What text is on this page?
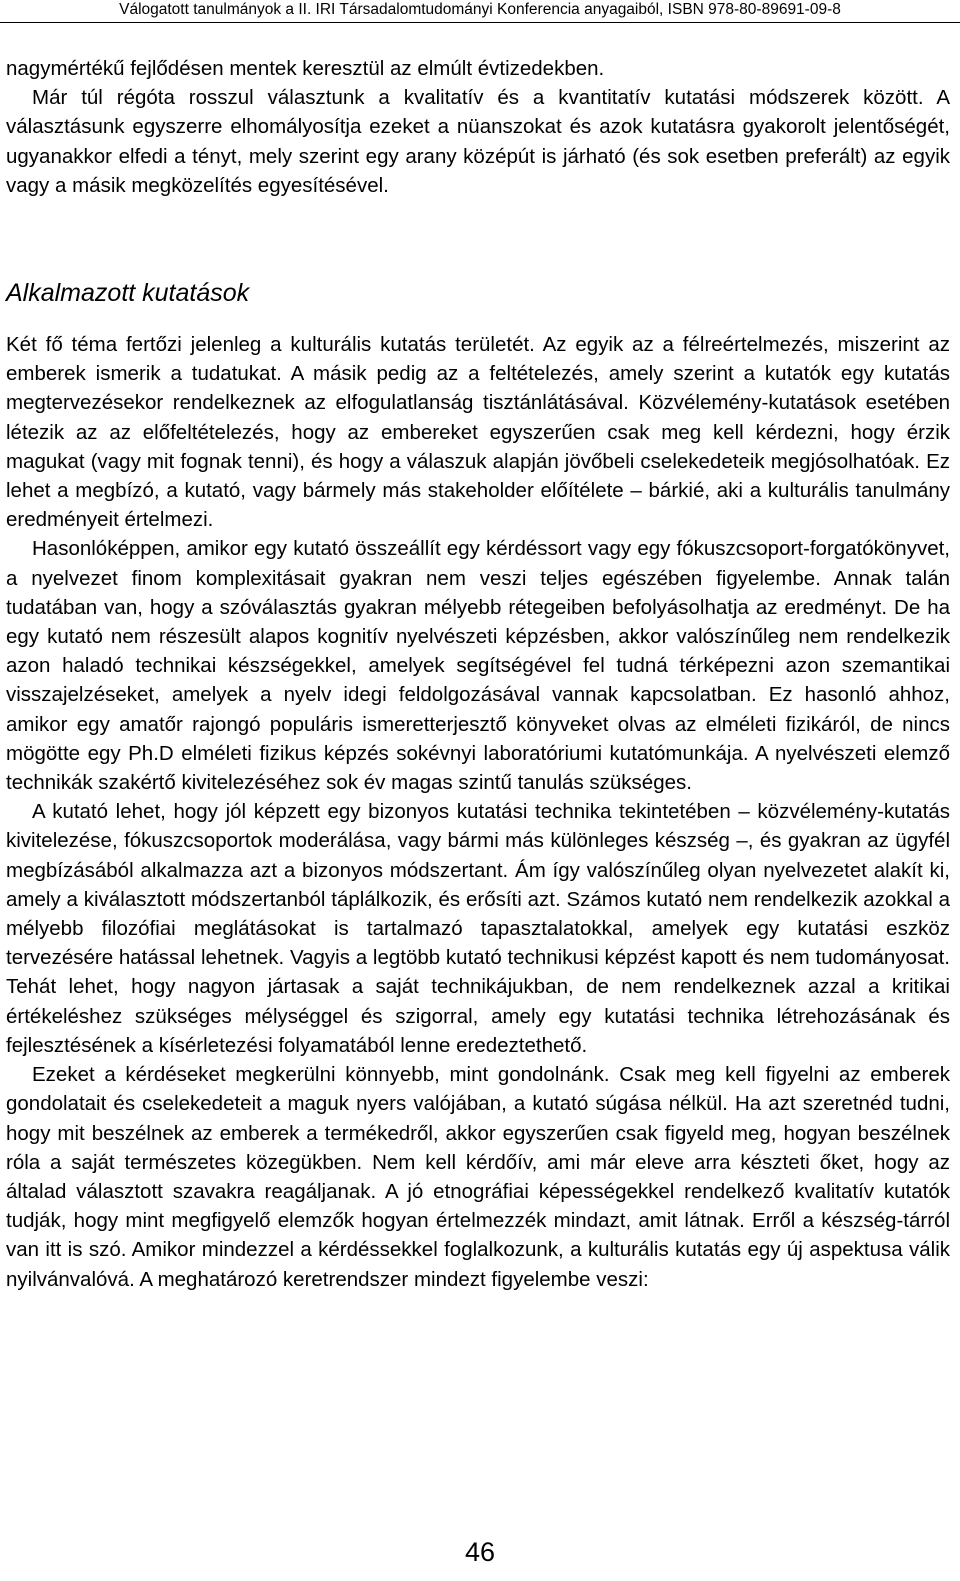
Válogatott tanulmányok a II. IRI Társadalomtudományi Konferencia anyagaiból, ISBN 978-80-89691-09-8

nagymértékű fejlődésen mentek keresztül az elmúlt évtizedekben.

Már túl régóta rosszul választunk a kvalitatív és a kvantitatív kutatási módszerek között. A választásunk egyszerre elhomályosítja ezeket a nüanszokat és azok kutatásra gyakorolt jelentőségét, ugyanakkor elfedi a tényt, mely szerint egy arany középút is járható (és sok esetben preferált) az egyik vagy a másik megközelítés egyesítésével.

Alkalmazott kutatások

Két fő téma fertőzi jelenleg a kulturális kutatás területét. Az egyik az a félreértelmezés, miszerint az emberek ismerik a tudatukat. A másik pedig az a feltételezés, amely szerint a kutatók egy kutatás megtervezésekor rendelkeznek az elfogulatlanság tisztánlátásával. Közvélemény-kutatások esetében létezik az az előfeltételezés, hogy az embereket egyszerűen csak meg kell kérdezni, hogy érzik magukat (vagy mit fognak tenni), és hogy a válaszuk alapján jövőbeli cselekedeteik megjósolhatóak. Ez lehet a megbízó, a kutató, vagy bármely más stakeholder előítélete – bárkié, aki a kulturális tanulmány eredményeit értelmezi.

Hasonlóképpen, amikor egy kutató összeállít egy kérdéssort vagy egy fókuszcsoport-forgatókönyvet, a nyelvezet finom komplexitásait gyakran nem veszi teljes egészében figyelembe. Annak talán tudatában van, hogy a szóválasztás gyakran mélyebb rétegeiben befolyásolhatja az eredményt. De ha egy kutató nem részesült alapos kognitív nyelvészeti képzésben, akkor valószínűleg nem rendelkezik azon haladó technikai készségekkel, amelyek segítségével fel tudná térképezni azon szemantikai visszajelzéseket, amelyek a nyelv idegi feldolgozásával vannak kapcsolatban. Ez hasonló ahhoz, amikor egy amatőr rajongó populáris ismeretterjesztő könyveket olvas az elméleti fizikáról, de nincs mögötte egy Ph.D elméleti fizikus képzés sokévnyi laboratóriumi kutatómunkája. A nyelvészeti elemző technikák szakértő kivitelezéséhez sok év magas szintű tanulás szükséges.

A kutató lehet, hogy jól képzett egy bizonyos kutatási technika tekintetében – közvélemény-kutatás kivitelezése, fókuszcsoportok moderálása, vagy bármi más különleges készség –, és gyakran az ügyfél megbízásából alkalmazza azt a bizonyos módszertant. Ám így valószínűleg olyan nyelvezetet alakít ki, amely a kiválasztott módszertanból táplálkozik, és erősíti azt. Számos kutató nem rendelkezik azokkal a mélyebb filozófiai meglátásokat is tartalmazó tapasztalatokkal, amelyek egy kutatási eszköz tervezésére hatással lehetnek. Vagyis a legtöbb kutató technikusi képzést kapott és nem tudományosat. Tehát lehet, hogy nagyon jártasak a saját technikájukban, de nem rendelkeznek azzal a kritikai értékeléshez szükséges mélységgel és szigorral, amely egy kutatási technika létrehozásának és fejlesztésének a kísérletezési folyamatából lenne eredeztethető.

Ezeket a kérdéseket megkerülni könnyebb, mint gondolnánk. Csak meg kell figyelni az emberek gondolatait és cselekedeteit a maguk nyers valójában, a kutató súgása nélkül. Ha azt szeretnéd tudni, hogy mit beszélnek az emberek a termékedről, akkor egyszerűen csak figyeld meg, hogyan beszélnek róla a saját természetes közegükben. Nem kell kérdőív, ami már eleve arra készteti őket, hogy az általad választott szavakra reagáljanak. A jó etnográfiai képességekkel rendelkező kvalitatív kutatók tudják, hogy mint megfigyelő elemzők hogyan értelmezzék mindazt, amit látnak. Erről a készség-tárról van itt is szó. Amikor mindezzel a kérdéssekkel foglalkozunk, a kulturális kutatás egy új aspektusa válik nyilvánvalóvá. A meghatározó keretrendszer mindezt figyelembe veszi:

46
